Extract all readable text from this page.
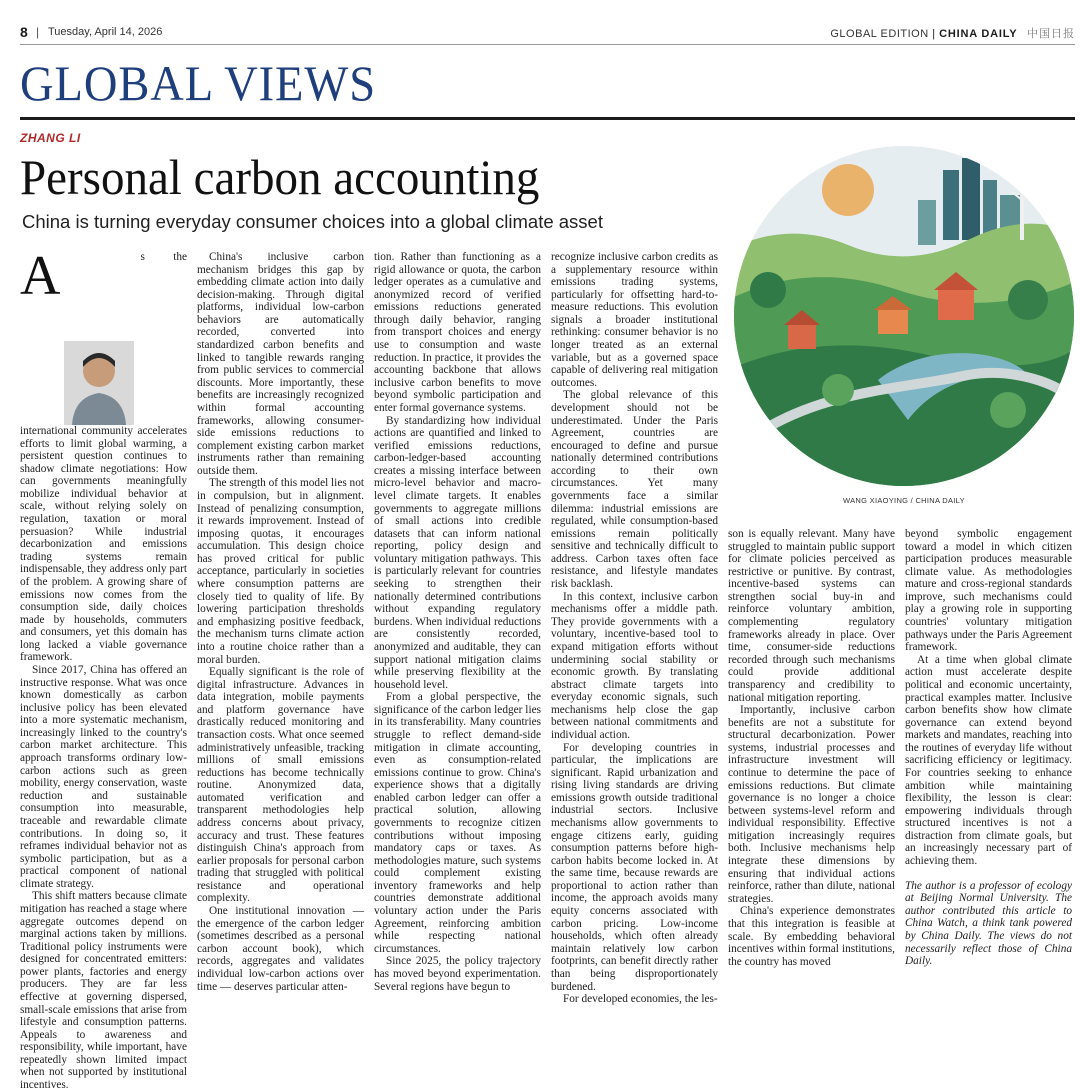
8 | Tuesday, April 14, 2026	GLOBAL EDITION | CHINA DAILY 中国日报
GLOBAL VIEWS
ZHANG LI
Personal carbon accounting
China is turning everyday consumer choices into a global climate asset
WANG XIAOYING / CHINA DAILY
A	s the international community accelerates efforts to limit global warming, a persistent question continues to shadow climate negotiations: How can governments meaningfully mobilize individual behavior at scale, without relying solely on regulation, taxation or moral persuasion? While industrial decarbonization and emissions trading systems remain indispensable, they address only part of the problem. A growing share of emissions now comes from the consumption side, daily choices made by households, commuters and consumers, yet this domain has long lacked a viable governance framework.

Since 2017, China has offered an instructive response. What was once known domestically as carbon inclusive policy has been elevated into a more systematic mechanism, increasingly linked to the country's carbon market architecture. This approach transforms ordinary low-carbon actions such as green mobility, energy conservation, waste reduction and sustainable consumption into measurable, traceable and rewardable climate contributions. In doing so, it reframes individual behavior not as symbolic participation, but as a practical component of national climate strategy.

This shift matters because climate mitigation has reached a stage where aggregate outcomes depend on marginal actions taken by millions. Traditional policy instruments were designed for concentrated emitters: power plants, factories and energy producers. They are far less effective at governing dispersed, small-scale emissions that arise from lifestyle and consumption patterns. Appeals to awareness and responsibility, while important, have repeatedly shown limited impact when not supported by institutional incentives.

China's inclusive carbon mechanism bridges this gap by embedding climate action into daily decision-making. Through digital platforms, individual low-carbon behaviors are automatically recorded, converted into standardized carbon benefits and linked to tangible rewards ranging from public services to commercial discounts. More importantly, these benefits are increasingly recognized within formal accounting frameworks, allowing consumer-side emissions reductions to complement existing carbon market instruments rather than remaining outside them.

The strength of this model lies not in compulsion, but in alignment. Instead of penalizing consumption, it rewards improvement. Instead of imposing quotas, it encourages accumulation. This design choice has proved critical for public acceptance, particularly in societies where consumption patterns are closely tied to quality of life. By lowering participation thresholds and emphasizing positive feedback, the mechanism turns climate action into a routine choice rather than a moral burden.

Equally significant is the role of digital infrastructure. Advances in data integration, mobile payments and platform governance have drastically reduced monitoring and transaction costs. What once seemed administratively unfeasible, tracking millions of small emissions reductions has become technically routine. Anonymized data, automated verification and transparent methodologies help address concerns about privacy, accuracy and trust. These features distinguish China's approach from earlier proposals for personal carbon trading that struggled with political resistance and operational complexity.

One institutional innovation — the emergence of the carbon ledger (sometimes described as a personal carbon account book), which records, aggregates and validates individual low-carbon actions over time — deserves particular atten-

tion. Rather than functioning as a rigid allowance or quota, the carbon ledger operates as a cumulative and anonymized record of verified emissions reductions generated through daily behavior, ranging from transport choices and energy use to consumption and waste reduction. In practice, it provides the accounting backbone that allows inclusive carbon benefits to move beyond symbolic participation and enter formal governance systems.

By standardizing how individual actions are quantified and linked to verified emissions reductions, carbon-ledger-based accounting creates a missing interface between micro-level behavior and macro-level climate targets. It enables governments to aggregate millions of small actions into credible datasets that can inform national reporting, policy design and voluntary mitigation pathways. This is particularly relevant for countries seeking to strengthen their nationally determined contributions without expanding regulatory burdens. When individual reductions are consistently recorded, anonymized and auditable, they can support national mitigation claims while preserving flexibility at the household level.

From a global perspective, the significance of the carbon ledger lies in its transferability. Many countries struggle to reflect demand-side mitigation in climate accounting, even as consumption-related emissions continue to grow. China's experience shows that a digitally enabled carbon ledger can offer a practical solution, allowing governments to recognize citizen contributions without imposing mandatory caps or taxes. As methodologies mature, such systems could complement existing inventory frameworks and help countries demonstrate additional voluntary action under the Paris Agreement, reinforcing ambition while respecting national circumstances.

Since 2025, the policy trajectory has moved beyond experimentation. Several regions have begun to

recognize inclusive carbon credits as a supplementary resource within emissions trading systems, particularly for offsetting hard-to-measure reductions. This evolution signals a broader institutional rethinking: consumer behavior is no longer treated as an external variable, but as a governed space capable of delivering real mitigation outcomes.

The global relevance of this development should not be underestimated. Under the Paris Agreement, countries are encouraged to define and pursue nationally determined contributions according to their own circumstances. Yet many governments face a similar dilemma: industrial emissions are regulated, while consumption-based emissions remain politically sensitive and technically difficult to address. Carbon taxes often face resistance, and lifestyle mandates risk backlash.

In this context, inclusive carbon mechanisms offer a middle path. They provide governments with a voluntary, incentive-based tool to expand mitigation efforts without undermining social stability or economic growth. By translating abstract climate targets into everyday economic signals, such mechanisms help close the gap between national commitments and individual action.

For developing countries in particular, the implications are significant. Rapid urbanization and rising living standards are driving emissions growth outside traditional industrial sectors. Inclusive mechanisms allow governments to engage citizens early, guiding consumption patterns before high-carbon habits become locked in. At the same time, because rewards are proportional to action rather than income, the approach avoids many equity concerns associated with carbon pricing. Low-income households, which often already maintain relatively low carbon footprints, can benefit directly rather than being disproportionately burdened.

For developed economies, the les-

son is equally relevant. Many have struggled to maintain public support for climate policies perceived as restrictive or punitive. By contrast, incentive-based systems can strengthen social buy-in and reinforce voluntary ambition, complementing regulatory frameworks already in place. Over time, consumer-side reductions recorded through such mechanisms could provide additional transparency and credibility to national mitigation reporting.

Importantly, inclusive carbon benefits are not a substitute for structural decarbonization. Power systems, industrial processes and infrastructure investment will continue to determine the pace of emissions reductions. But climate governance is no longer a choice between systems-level reform and individual responsibility. Effective mitigation increasingly requires both. Inclusive mechanisms help integrate these dimensions by ensuring that individual actions reinforce, rather than dilute, national strategies.

China's experience demonstrates that this integration is feasible at scale. By embedding behavioral incentives within formal institutions, the country has moved

beyond symbolic engagement toward a model in which citizen participation produces measurable climate value. As methodologies mature and cross-regional standards improve, such mechanisms could play a growing role in supporting countries' voluntary mitigation pathways under the Paris Agreement framework.

At a time when global climate action must accelerate despite political and economic uncertainty, practical examples matter. Inclusive carbon benefits show how climate governance can extend beyond markets and mandates, reaching into the routines of everyday life without sacrificing efficiency or legitimacy. For countries seeking to enhance ambition while maintaining flexibility, the lesson is clear: empowering individuals through structured incentives is not a distraction from climate goals, but an increasingly necessary part of achieving them.

The author is a professor of ecology at Beijing Normal University. The author contributed this article to China Watch, a think tank powered by China Daily. The views do not necessarily reflect those of China Daily.
